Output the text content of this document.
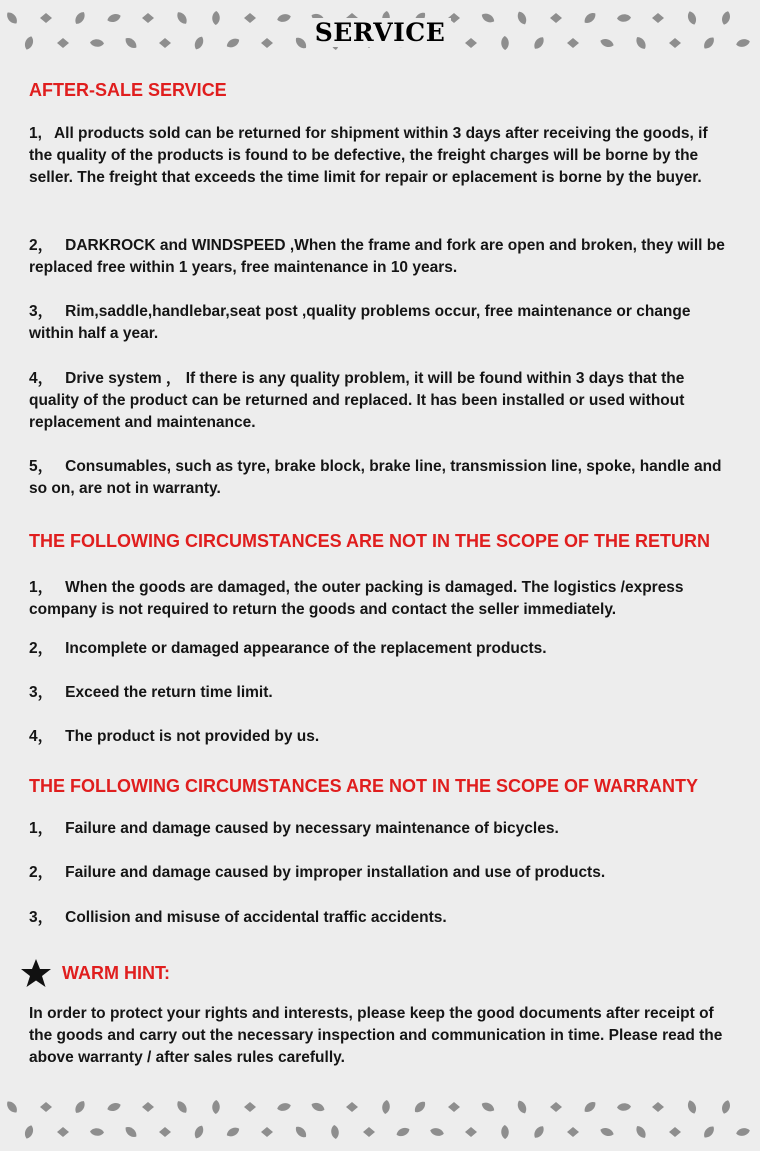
SERVICE
AFTER-SALE SERVICE
1, All products sold can be returned for shipment within 3 days after receiving the goods, if the quality of the products is found to be defective, the freight charges will be borne by the seller. The freight that exceeds the time limit for repair or eplacement is borne by the buyer.
2， DARKROCK and WINDSPEED ,When the frame and fork are open and broken, they will be replaced free within 1 years, free maintenance in 10 years.
3， Rim,saddle,handlebar,seat post ,quality problems occur, free maintenance or change within half a year.
4， Drive system ， If there is any quality problem, it will be found within 3 days that the quality of the product can be returned and replaced. It has been installed or used without replacement and maintenance.
5， Consumables, such as tyre, brake block, brake line, transmission line, spoke, handle and so on, are not in warranty.
THE FOLLOWING CIRCUMSTANCES ARE NOT IN THE SCOPE OF THE RETURN
1， When the goods are damaged, the outer packing is damaged. The logistics /express company is not required to return the goods and contact the seller immediately.
2， Incomplete or damaged appearance of the replacement products.
3， Exceed the return time limit.
4， The product is not provided by us.
THE FOLLOWING CIRCUMSTANCES ARE NOT IN THE SCOPE OF WARRANTY
1， Failure and damage caused by necessary maintenance of bicycles.
2， Failure and damage caused by improper installation and use of products.
3， Collision and misuse of accidental traffic accidents.
WARM HINT:
In order to protect your rights and interests, please keep the good documents after receipt of the goods and carry out the necessary inspection and communication in time. Please read the above warranty / after sales rules carefully.
